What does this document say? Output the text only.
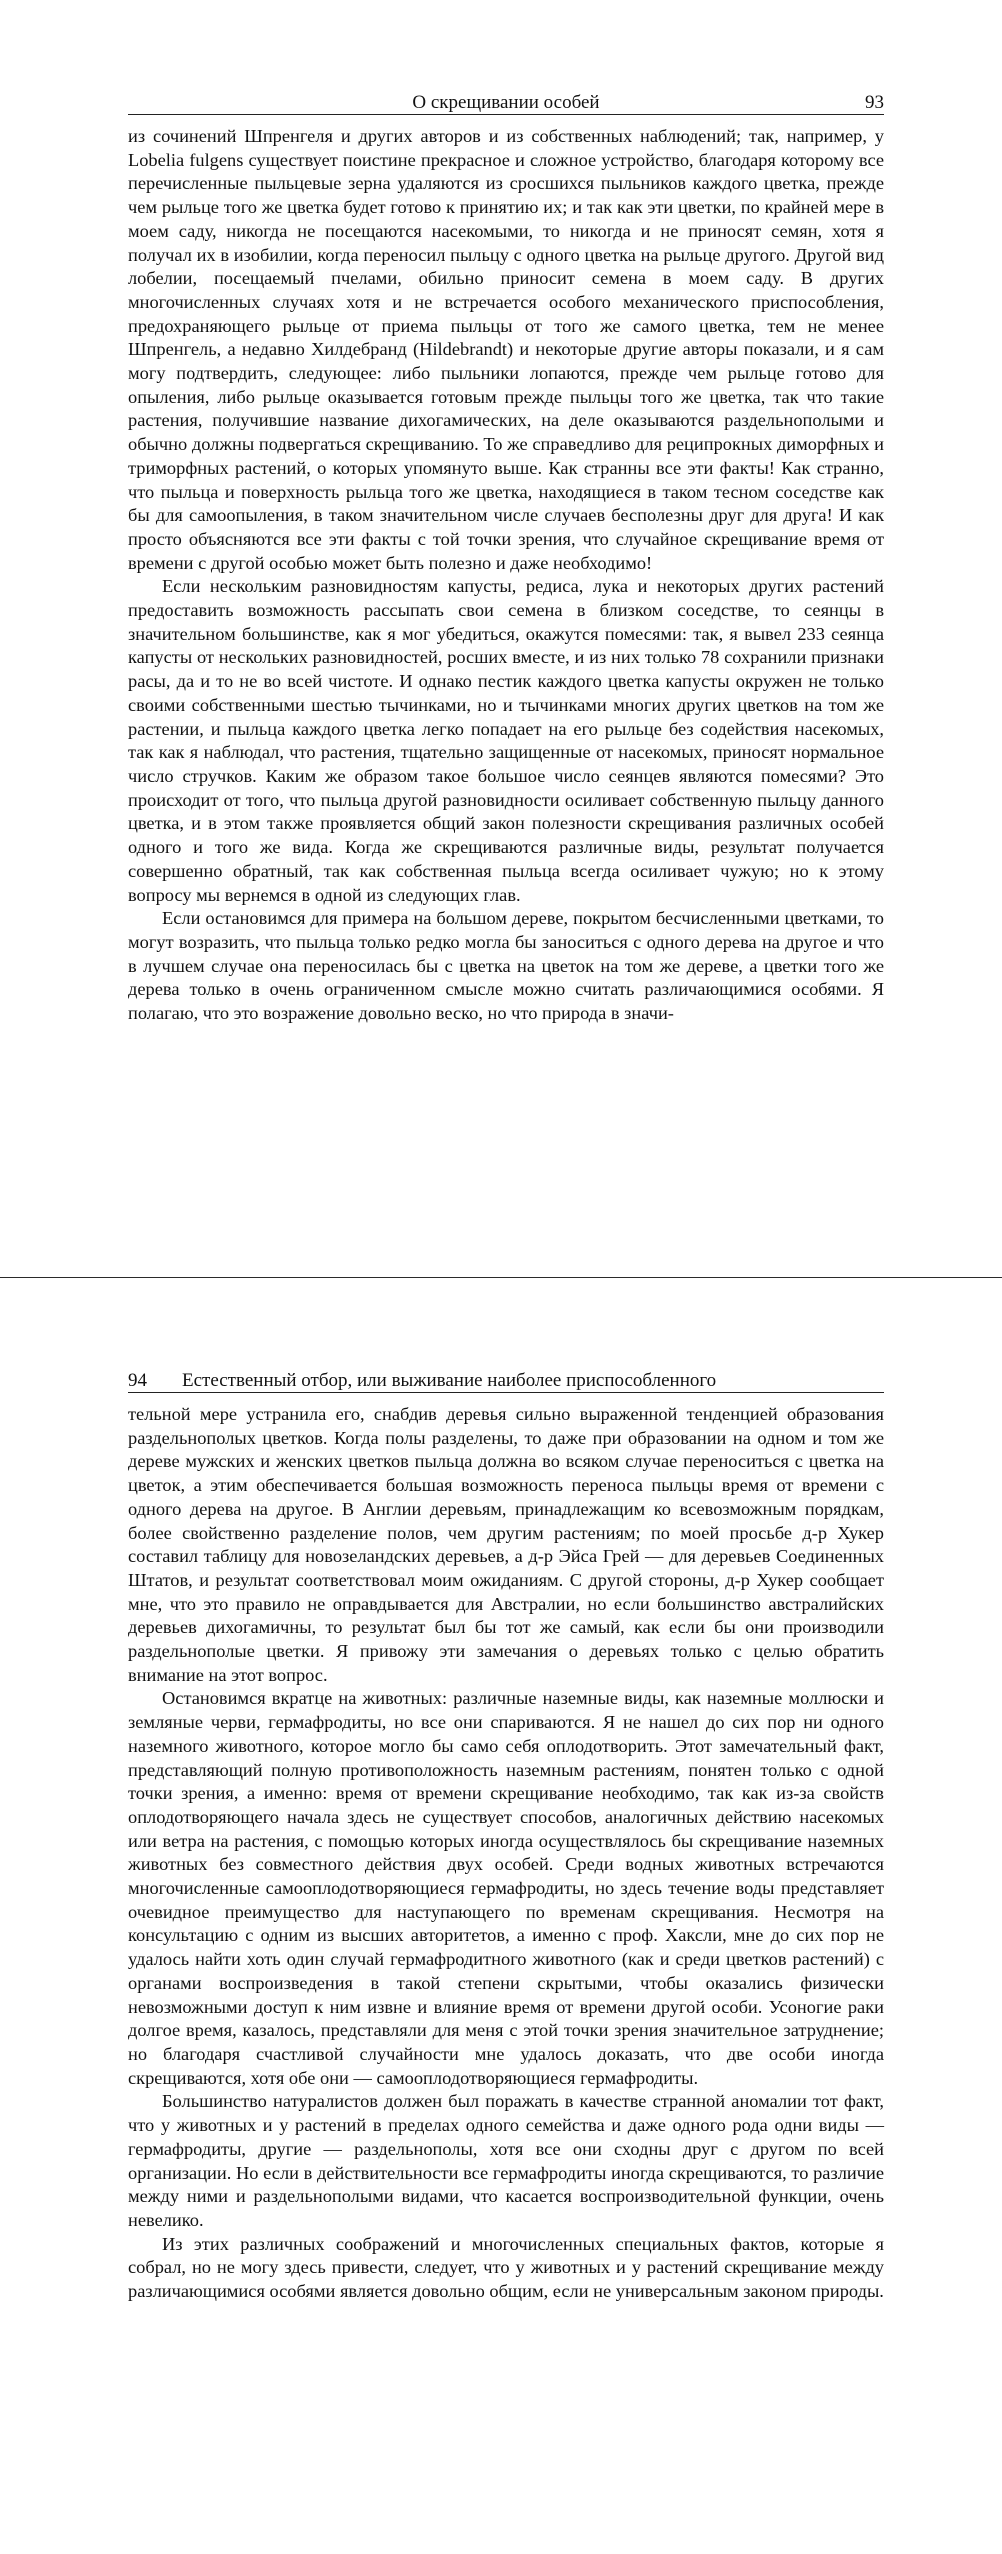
О скрещивании особей	93

из сочинений Шпренгеля и других авторов и из собственных наблюдений; так, например, у Lobelia fulgens существует поистине прекрасное и сложное устройство, благодаря которому все перечисленные пыльцевые зерна удаляются из сросшихся пыльников каждого цветка, прежде чем рыльце того же цветка будет готово к принятию их; и так как эти цветки, по крайней мере в моем саду, никогда не посещаются насекомыми, то никогда и не приносят семян, хотя я получал их в изобилии, когда переносил пыльцу с одного цветка на рыльце другого. Другой вид лобелии, посещаемый пчелами, обильно приносит семена в моем саду. В других многочисленных случаях хотя и не встречается особого механического приспособления, предохраняющего рыльце от приема пыльцы от того же самого цветка, тем не менее Шпренгель, а недавно Хилдебранд (Hildebrandt) и некоторые другие авторы показали, и я сам могу подтвердить, следующее: либо пыльники лопаются, прежде чем рыльце готово для опыления, либо рыльце оказывается готовым прежде пыльцы того же цветка, так что такие растения, получившие название дихогамических, на деле оказываются раздельнополыми и обычно должны подвергаться скрещиванию. То же справедливо для реципрокных диморфных и триморфных растений, о которых упомянуто выше. Как странны все эти факты! Как странно, что пыльца и поверхность рыльца того же цветка, находящиеся в таком тесном соседстве как бы для самоопыления, в таком значительном числе случаев бесполезны друг для друга! И как просто объясняются все эти факты с той точки зрения, что случайное скрещивание время от времени с другой особью может быть полезно и даже необходимо!

Если нескольким разновидностям капусты, редиса, лука и некоторых других растений предоставить возможность рассыпать свои семена в близком соседстве, то сеянцы в значительном большинстве, как я мог убедиться, окажутся помесями: так, я вывел 233 сеянца капусты от нескольких разновидностей, росших вместе, и из них только 78 сохранили признаки расы, да и то не во всей чистоте. И однако пестик каждого цветка капусты окружен не только своими собственными шестью тычинками, но и тычинками многих других цветков на том же растении, и пыльца каждого цветка легко попадает на его рыльце без содействия насекомых, так как я наблюдал, что растения, тщательно защищенные от насекомых, приносят нормальное число стручков. Каким же образом такое большое число сеянцев являются помесями? Это происходит от того, что пыльца другой разновидности осиливает собственную пыльцу данного цветка, и в этом также проявляется общий закон полезности скрещивания различных особей одного и того же вида. Когда же скрещиваются различные виды, результат получается совершенно обратный, так как собственная пыльца всегда осиливает чужую; но к этому вопросу мы вернемся в одной из следующих глав.

Если остановимся для примера на большом дереве, покрытом бесчисленными цветками, то могут возразить, что пыльца только редко могла бы заноситься с одного дерева на другое и что в лучшем случае она переносилась бы с цветка на цветок на том же дереве, а цветки того же дерева только в очень ограниченном смысле можно считать различающимися особями. Я полагаю, что это возражение довольно веско, но что природа в значи-

94 Естественный отбор, или выживание наиболее приспособленного

тельной мере устранила его, снабдив деревья сильно выраженной тенденцией образования раздельнополых цветков. Когда полы разделены, то даже при образовании на одном и том же дереве мужских и женских цветков пыльца должна во всяком случае переноситься с цветка на цветок, а этим обеспечивается большая возможность переноса пыльцы время от времени с одного дерева на другое. В Англии деревьям, принадлежащим ко всевозможным порядкам, более свойственно разделение полов, чем другим растениям; по моей просьбе д-р Хукер составил таблицу для новозеландских деревьев, а д-р Эйса Грей — для деревьев Соединенных Штатов, и результат соответствовал моим ожиданиям. С другой стороны, д-р Хукер сообщает мне, что это правило не оправдывается для Австралии, но если большинство австралийских деревьев дихогамичны, то результат был бы тот же самый, как если бы они производили раздельнополые цветки. Я привожу эти замечания о деревьях только с целью обратить внимание на этот вопрос.

Остановимся вкратце на животных: различные наземные виды, как наземные моллюски и земляные черви, гермафродиты, но все они спариваются. Я не нашел до сих пор ни одного наземного животного, которое могло бы само себя оплодотворить. Этот замечательный факт, представляющий полную противоположность наземным растениям, понятен только с одной точки зрения, а именно: время от времени скрещивание необходимо, так как из-за свойств оплодотворяющего начала здесь не существует способов, аналогичных действию насекомых или ветра на растения, с помощью которых иногда осуществлялось бы скрещивание наземных животных без совместного действия двух особей. Среди водных животных встречаются многочисленные самооплодотворяющиеся гермафродиты, но здесь течение воды представляет очевидное преимущество для наступающего по временам скрещивания. Несмотря на консультацию с одним из высших авторитетов, а именно с проф. Хаксли, мне до сих пор не удалось найти хоть один случай гермафродитного животного (как и среди цветков растений) с органами воспроизведения в такой степени скрытыми, чтобы оказались физически невозможными доступ к ним извне и влияние время от времени другой особи. Усоногие раки долгое время, казалось, представляли для меня с этой точки зрения значительное затруднение; но благодаря счастливой случайности мне удалось доказать, что две особи иногда скрещиваются, хотя обе они — самооплодотворяющиеся гермафродиты.

Большинство натуралистов должен был поражать в качестве странной аномалии тот факт, что у животных и у растений в пределах одного семейства и даже одного рода одни виды — гермафродиты, другие — раздельнополы, хотя все они сходны друг с другом по всей организации. Но если в действительности все гермафродиты иногда скрещиваются, то различие между ними и раздельнополыми видами, что касается воспроизводительной функции, очень невелико.

Из этих различных соображений и многочисленных специальных фактов, которые я собрал, но не могу здесь привести, следует, что у животных и у растений скрещивание между различающимися особями является довольно общим, если не универсальным законом природы.
